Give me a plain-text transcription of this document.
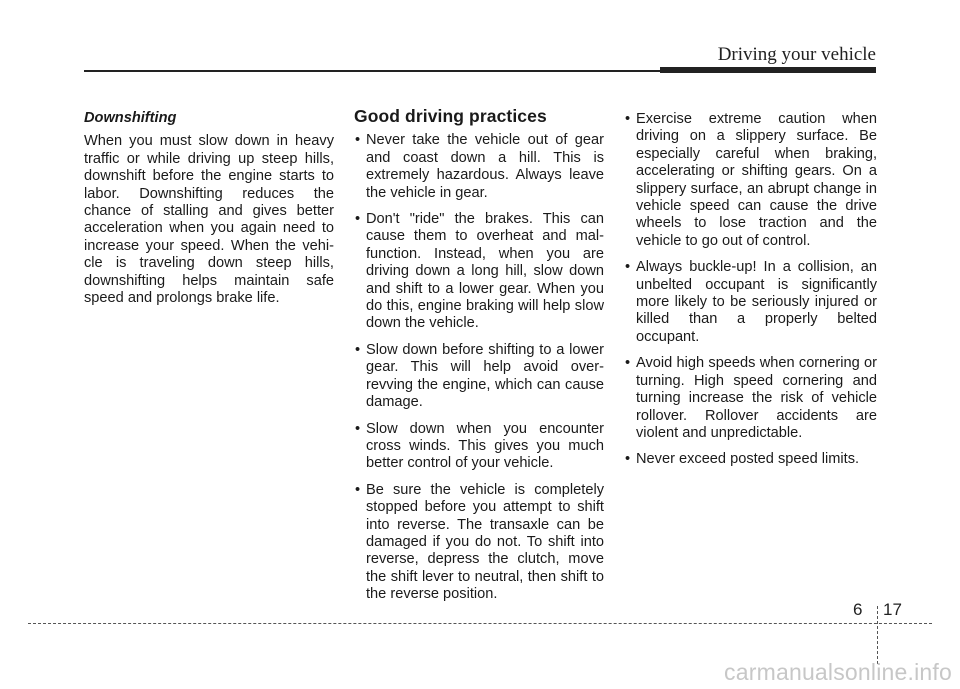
Driving your vehicle

Downshifting

When you must slow down in heavy traffic or while driving up steep hills, downshift before the engine starts to labor. Downshifting reduces the chance of stalling and gives better acceleration when you again need to increase your speed. When the vehi-cle is traveling down steep hills, downshifting helps maintain safe speed and prolongs brake life.

Good driving practices
• Never take the vehicle out of gear and coast down a hill. This is extremely hazardous. Always leave the vehicle in gear.
• Don't "ride" the brakes. This can cause them to overheat and mal-function. Instead, when you are driving down a long hill, slow down and shift to a lower gear. When you do this, engine braking will help slow down the vehicle.
• Slow down before shifting to a lower gear. This will help avoid over-revving the engine, which can cause damage.
• Slow down when you encounter cross winds. This gives you much better control of your vehicle.
• Be sure the vehicle is completely stopped before you attempt to shift into reverse. The transaxle can be damaged if you do not. To shift into reverse, depress the clutch, move the shift lever to neutral, then shift to the reverse position.
• Exercise extreme caution when driving on a slippery surface. Be especially careful when braking, accelerating or shifting gears. On a slippery surface, an abrupt change in vehicle speed can cause the drive wheels to lose traction and the vehicle to go out of control.
• Always buckle-up! In a collision, an unbelted occupant is significantly more likely to be seriously injured or killed than a properly belted occupant.
• Avoid high speeds when cornering or turning. High speed cornering and turning increase the risk of vehicle rollover. Rollover accidents are violent and unpredictable.
• Never exceed posted speed limits.
6 17
carmanualsonline.info
